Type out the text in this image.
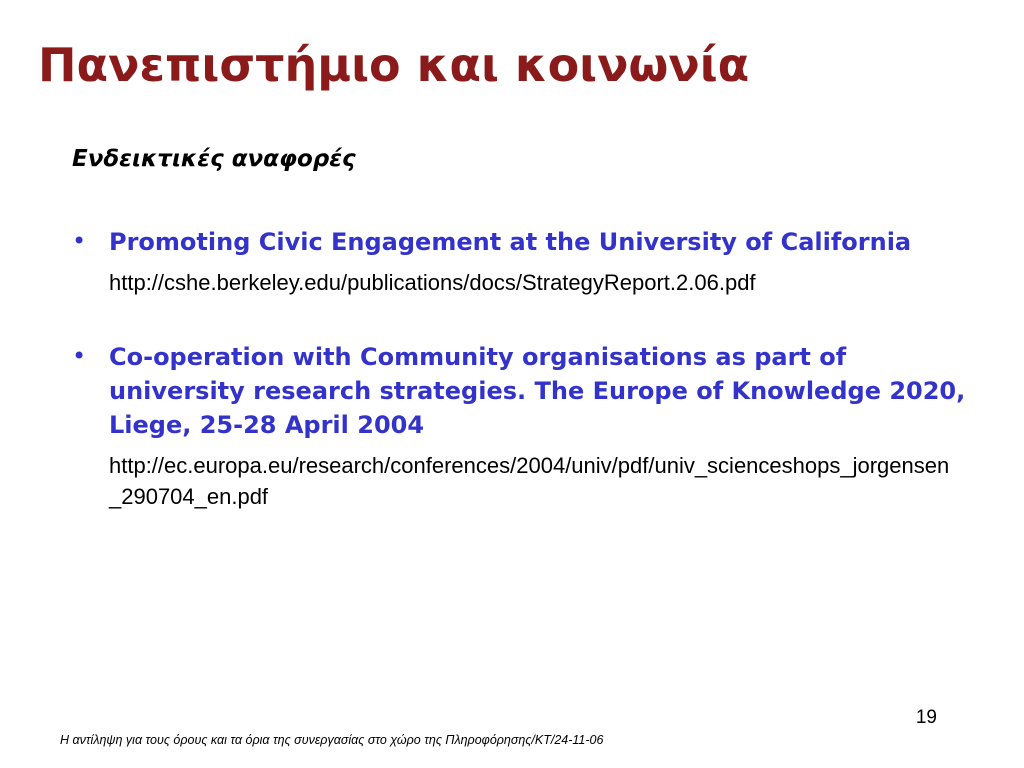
Πανεπιστήμιο και κοινωνία
Ενδεικτικές αναφορές
• Promoting Civic Engagement at the University of California
http://cshe.berkeley.edu/publications/docs/StrategyReport.2.06.pdf
• Co-operation with Community organisations as part of university research strategies. The Europe of Knowledge 2020, Liege, 25-28 April 2004
http://ec.europa.eu/research/conferences/2004/univ/pdf/univ_scienceshops_jorgensen_290704_en.pdf
19
Η αντίληψη για τους όρους και τα όρια της συνεργασίας στο χώρο της Πληροφόρησης/ΚΤ/24-11-06
